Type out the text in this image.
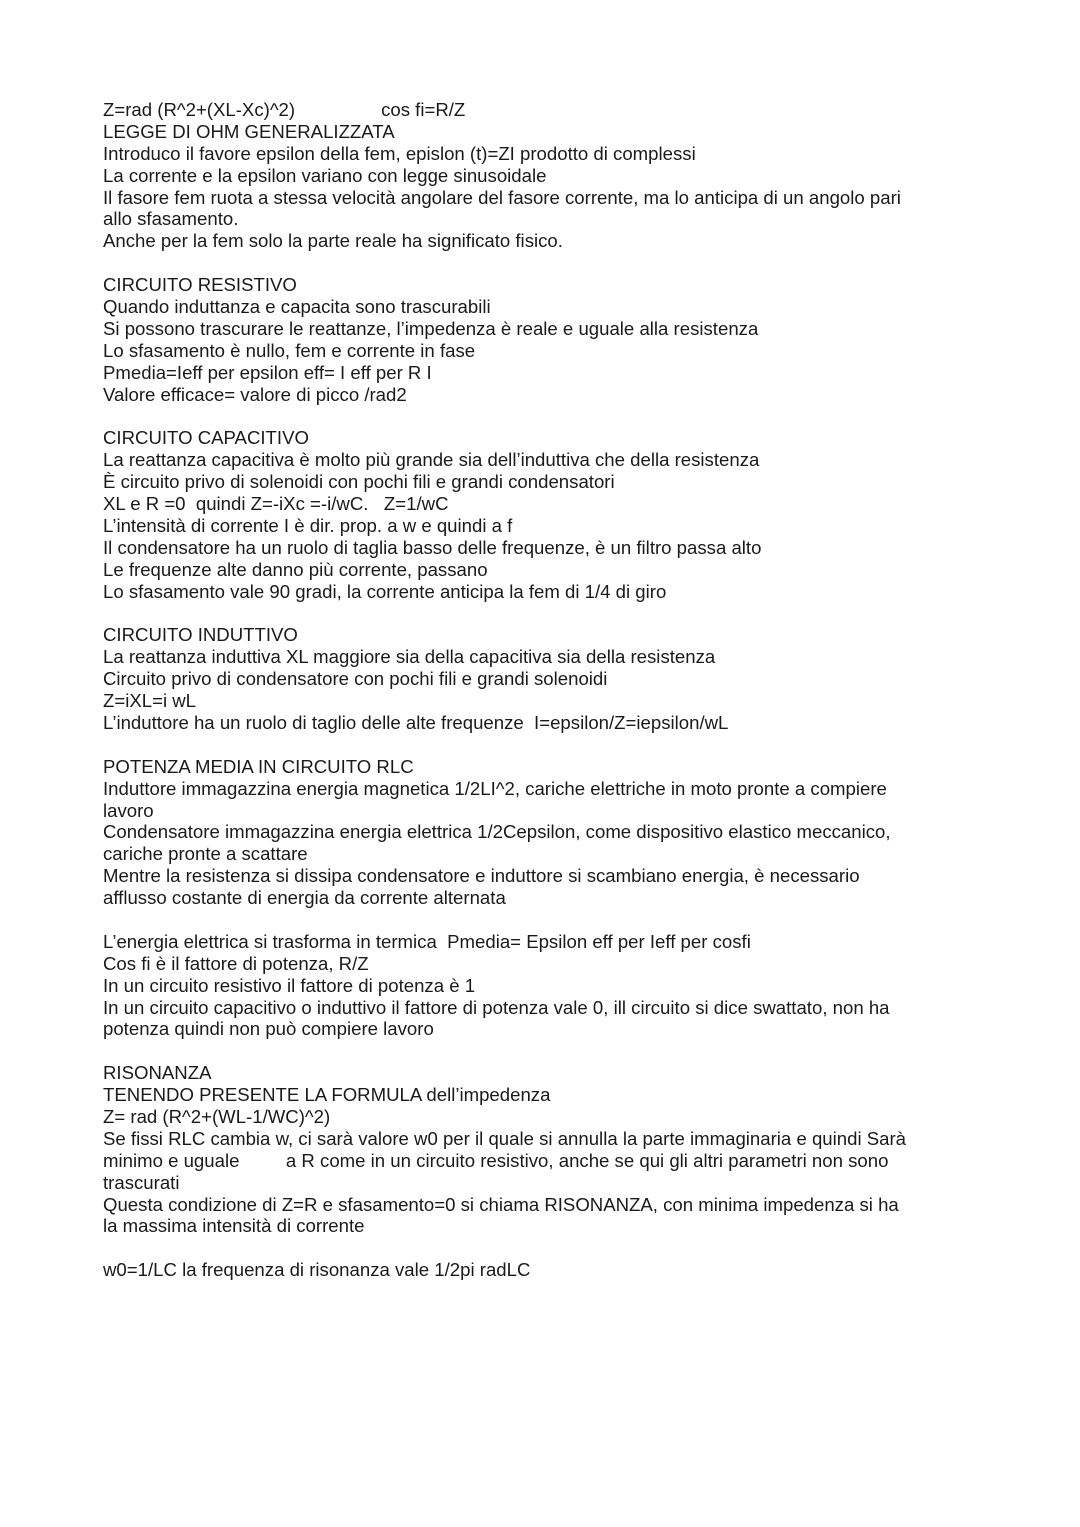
Z=rad (R^2+(XL-Xc)^2)	cos fi=R/Z
LEGGE DI OHM GENERALIZZATA
Introduco il favore epsilon della fem, epislon (t)=ZI prodotto di complessi
La corrente e la epsilon variano con legge sinusoidale
Il fasore fem ruota a stessa velocità angolare del fasore corrente, ma lo anticipa di un angolo pari
allo sfasamento.
Anche per la fem solo la parte reale ha significato fisico.
CIRCUITO RESISTIVO
Quando induttanza e capacita sono trascurabili
Si possono trascurare le reattanze, l’impedenza è reale e uguale alla resistenza
Lo sfasamento è nullo, fem e corrente in fase
Pmedia=Ieff per epsilon eff= I eff per R I
Valore efficace= valore di picco /rad2
CIRCUITO CAPACITIVO
La reattanza capacitiva è molto più grande sia dell’induttiva che della resistenza
È circuito privo di solenoidi con pochi fili e grandi condensatori
XL e R =0  quindi Z=-iXc =-i/wC.   Z=1/wC
L’intensità di corrente I è dir. prop. a w e quindi a f
Il condensatore ha un ruolo di taglia basso delle frequenze, è un filtro passa alto
Le frequenze alte danno più corrente, passano
Lo sfasamento vale 90 gradi, la corrente anticipa la fem di 1/4 di giro
CIRCUITO INDUTTIVO
La reattanza induttiva XL maggiore sia della capacitiva sia della resistenza
Circuito privo di condensatore con pochi fili e grandi solenoidi
Z=iXL=i wL
L’induttore ha un ruolo di taglio delle alte frequenze  I=epsilon/Z=iepsilon/wL
POTENZA MEDIA IN CIRCUITO RLC
Induttore immagazzina energia magnetica 1/2LI^2, cariche elettriche in moto pronte a compiere
lavoro
Condensatore immagazzina energia elettrica 1/2Cepsilon, come dispositivo elastico meccanico,
cariche pronte a scattare
Mentre la resistenza si dissipa condensatore e induttore si scambiano energia, è necessario
afflusso costante di energia da corrente alternata
L’energia elettrica si trasforma in termica  Pmedia= Epsilon eff per Ieff per cosfi
Cos fi è il fattore di potenza, R/Z
In un circuito resistivo il fattore di potenza è 1
In un circuito capacitivo o induttivo il fattore di potenza vale 0, ill circuito si dice swattato, non ha
potenza quindi non può compiere lavoro
RISONANZA
TENENDO PRESENTE LA FORMULA dell’impedenza
Z= rad (R^2+(WL-1/WC)^2)
Se fissi RLC cambia w, ci sarà valore w0 per il quale si annulla la parte immaginaria e quindi Sarà
minimo e uguale         a R come in un circuito resistivo, anche se qui gli altri parametri non sono
trascurati
Questa condizione di Z=R e sfasamento=0 si chiama RISONANZA, con minima impedenza si ha
la massima intensità di corrente
w0=1/LC la frequenza di risonanza vale 1/2pi radLC
